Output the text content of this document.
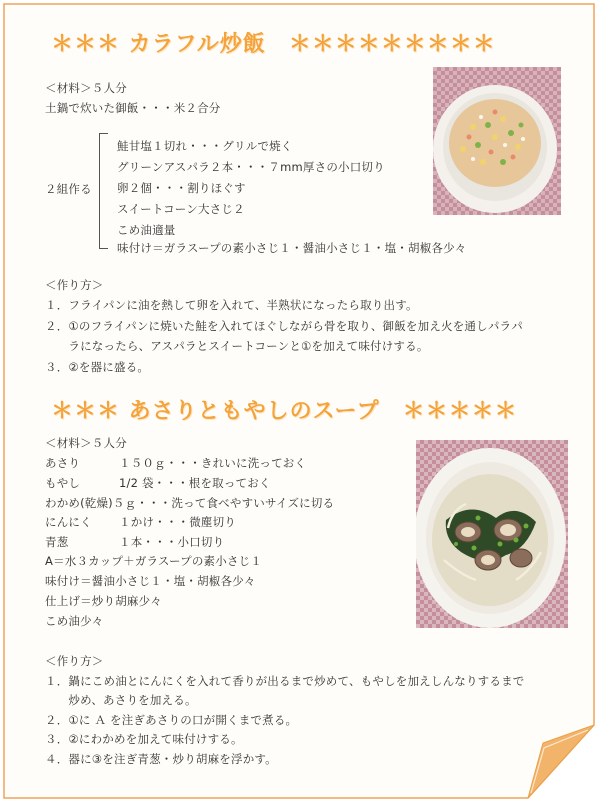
＊＊＊ カラフル炒飯　＊＊＊＊＊＊＊＊＊
＜材料＞５人分
土鍋で炊いた御飯・・・米２合分
２組作る
鮭甘塩１切れ・・・グリルで焼く
グリーンアスパラ２本・・・７mm厚さの小口切り
卵２個・・・割りほぐす
スイートコーン大さじ２
こめ油適量
味付け＝ガラスープの素小さじ１・醤油小さじ１・塩・胡椒各少々
＜作り方＞
１．フライパンに油を熱して卵を入れて、半熟状になったら取り出す。
２．①のフライパンに焼いた鮭を入れてほぐしながら骨を取り、御飯を加え火を通しパラパ
　　ラになったら、アスパラとスイートコーンと①を加えて味付けする。
３．②を器に盛る。
＊＊＊ あさりともやしのスープ　＊＊＊＊＊
＜材料＞５人分
あさり	１５０ｇ・・・きれいに洗っておく
もやし	1/2 袋・・・根を取っておく
わかめ(乾燥)５ｇ・・・洗って食べやすいサイズに切る
にんにく １かけ・・・微塵切り
青葱	１本・・・小口切り
A＝水３カップ＋ガラスープの素小さじ１
味付け＝醤油小さじ１・塩・胡椒各少々
仕上げ＝炒り胡麻少々
こめ油少々
＜作り方＞
１．鍋にこめ油とにんにくを入れて香りが出るまで炒めて、もやしを加えしんなりするまで
　　炒め、あさりを加える。
２．①に Ａ を注ぎあさりの口が開くまで煮る。
３．②にわかめを加えて味付けする。
４．器に③を注ぎ青葱・炒り胡麻を浮かす。
